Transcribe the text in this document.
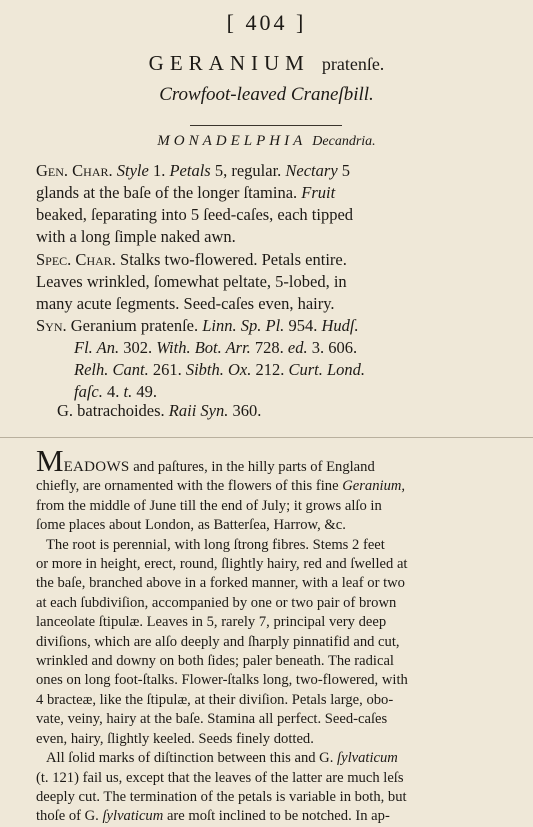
[ 404 ]
GERANIUM pratenſe.
Crowfoot-leaved Craneſbill.
MONADELPHIA Decandria.
Gen. Char. Style 1. Petals 5, regular. Nectary 5
glands at the baſe of the longer ſtamina. Fruit
beaked, ſeparating into 5 ſeed-caſes, each tipped
with a long ſimple naked awn.
Spec. Char. Stalks two-flowered. Petals entire.
Leaves wrinkled, ſomewhat peltate, 5-lobed, in
many acute ſegments. Seed-caſes even, hairy.
Syn. Geranium pratenſe. Linn. Sp. Pl. 954. Hudſ.
Fl. An. 302. With. Bot. Arr. 728. ed. 3. 606.
Relh. Cant. 261. Sibth. Ox. 212. Curt. Lond.
faſc. 4. t. 49.
G. batrachoides. Raii Syn. 360.
MEADOWS and paſtures, in the hilly parts of England
chiefly, are ornamented with the flowers of this fine Geranium,
from the middle of June till the end of July; it grows alſo in
ſome places about London, as Batterſea, Harrow, &c.
The root is perennial, with long ſtrong fibres. Stems 2 feet
or more in height, erect, round, ſlightly hairy, red and ſwelled at
the baſe, branched above in a forked manner, with a leaf or two
at each ſubdiviſion, accompanied by one or two pair of brown
lanceolate ſtipulæ. Leaves in 5, rarely 7, principal very deep
diviſions, which are alſo deeply and ſharply pinnatifid and cut,
wrinkled and downy on both ſides; paler beneath. The radical
ones on long foot-ſtalks. Flower-ſtalks long, two-flowered, with
4 bracteæ, like the ſtipulæ, at their diviſion. Petals large, obo-
vate, veiny, hairy at the baſe. Stamina all perfect. Seed-caſes
even, hairy, ſlightly keeled. Seeds finely dotted.
All ſolid marks of diſtinction between this and G. ſylvaticum
(t. 121) fail us, except that the leaves of the latter are much leſs
deeply cut. The termination of the petals is variable in both, but
thoſe of G. ſylvaticum are moſt inclined to be notched. In ap-
